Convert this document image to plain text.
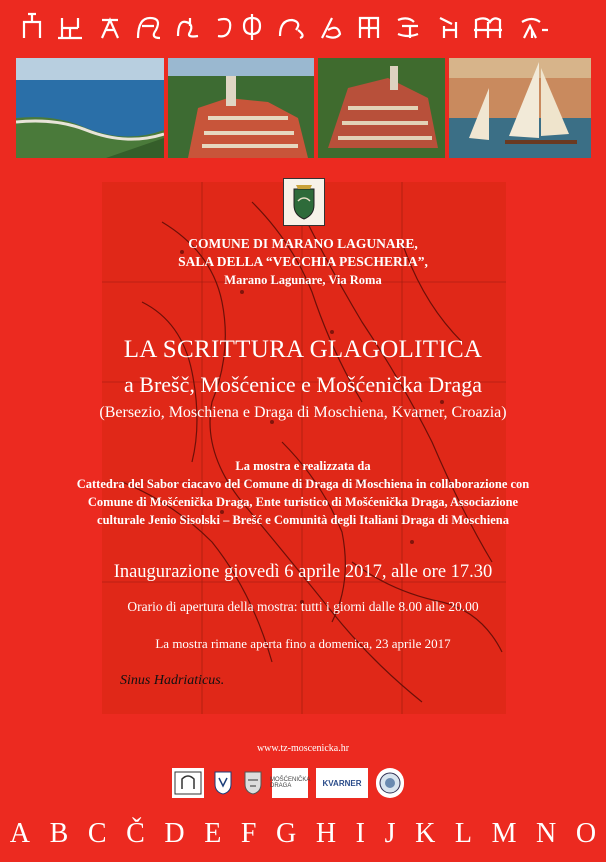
COMUNE DI MARANO LAGUNARE,
SALA DELLA “VECCHIA PESCHERIA”,
Marano Lagunare, Via Roma
LA SCRITTURA GLAGOLITICA
a Brešč, Mošćenice e Mošćenička Draga
(Bersezio, Moschiena e Draga di Moschiena, Kvarner, Croazia)
La mostra e realizzata da
Cattedra del Sabor ciacavo del Comune di Draga di Moschiena in collaborazione con
Comune di Mošćenička Draga, Ente turistico di Mošćenička Draga, Associazione
culturale Jenio Sisolski – Brešć e Comunità degli Italiani Draga di Moschiena
Inaugurazione giovedì 6 aprile 2017, alle ore 17.30
Orario di apertura della mostra: tutti i giorni dalle 8.00 alle 20.00
La mostra rimane aperta fino a domenica, 23 aprile 2017
Sinus Hadriaticus.
www.tz-moscenicka.hr
MOŠĆENIČKA DRAGA	KVARNER
A B C Č D E F G H I J K L M N O
